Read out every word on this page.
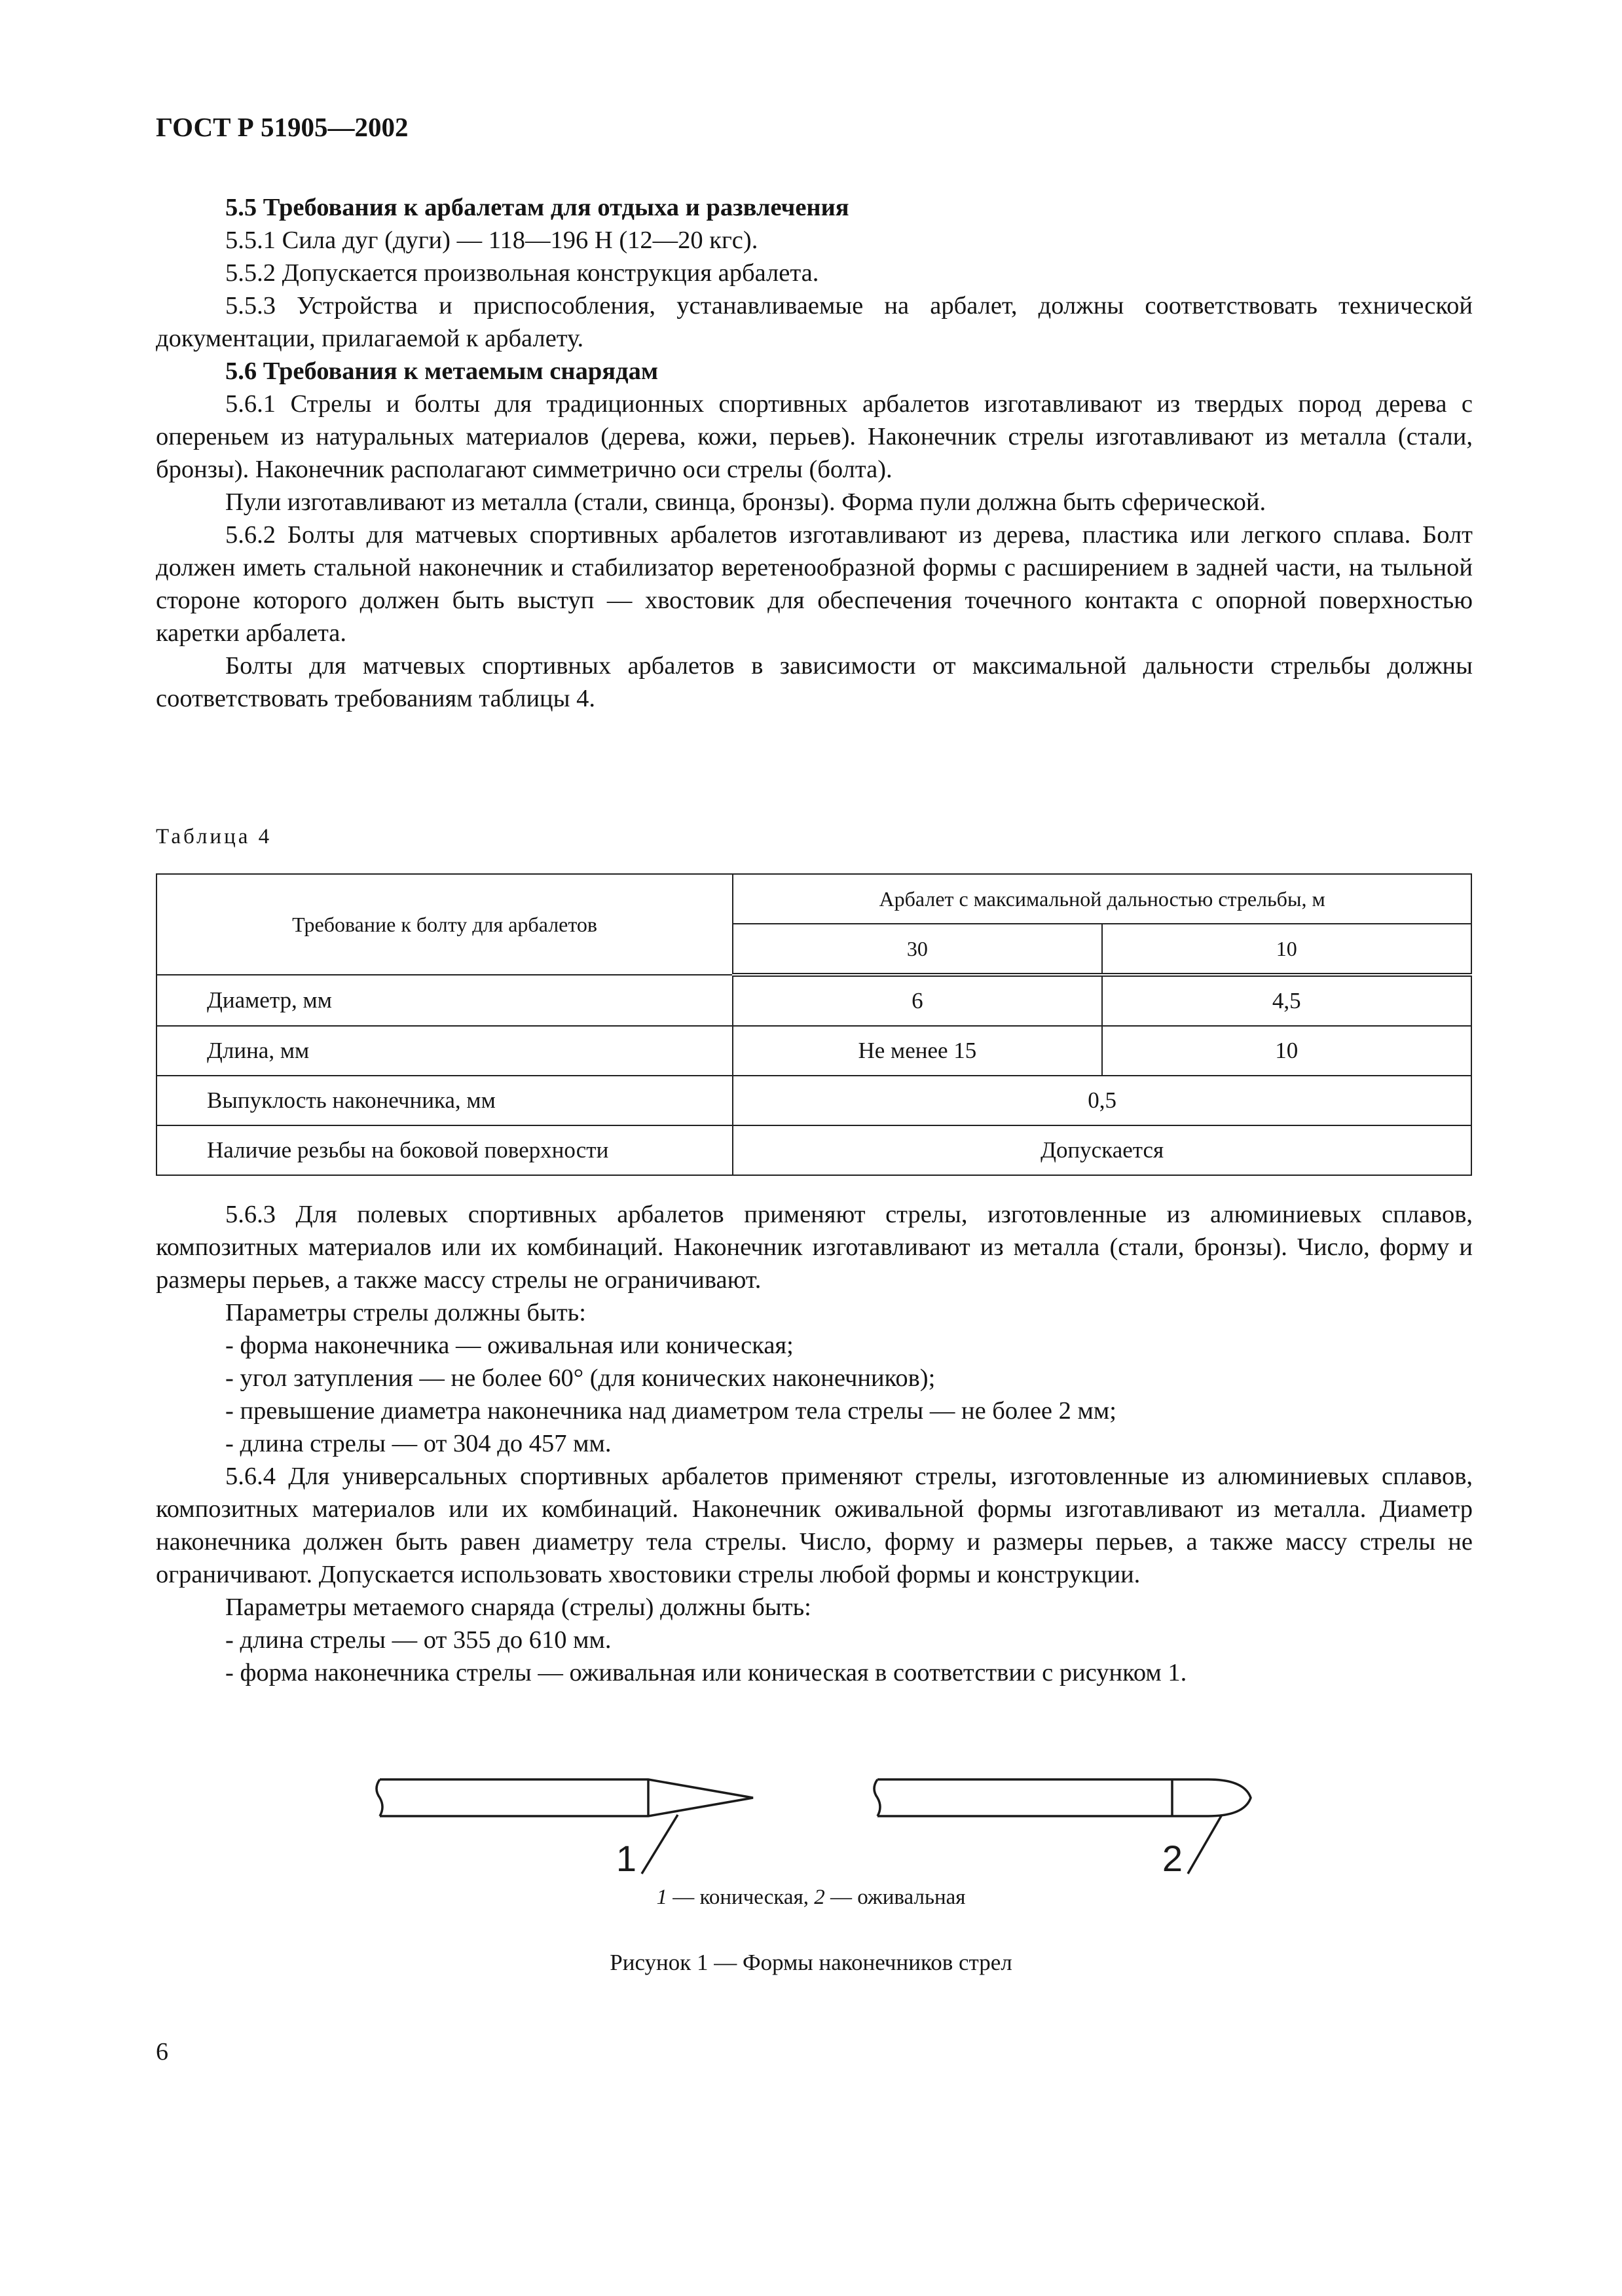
ГОСТ Р 51905—2002

5.5 Требования к арбалетам для отдыха и развлечения

5.5.1 Сила дуг (дуги) — 118—196 Н (12—20 кгс).

5.5.2 Допускается произвольная конструкция арбалета.

5.5.3 Устройства и приспособления, устанавливаемые на арбалет, должны соответствовать технической документации, прилагаемой к арбалету.

5.6 Требования к метаемым снарядам

5.6.1 Стрелы и болты для традиционных спортивных арбалетов изготавливают из твердых пород дерева с опереньем из натуральных материалов (дерева, кожи, перьев). Наконечник стрелы изготавливают из металла (стали, бронзы). Наконечник располагают симметрично оси стрелы (болта).

Пули изготавливают из металла (стали, свинца, бронзы). Форма пули должна быть сферической.

5.6.2 Болты для матчевых спортивных арбалетов изготавливают из дерева, пластика или легкого сплава. Болт должен иметь стальной наконечник и стабилизатор веретенообразной формы с расширением в задней части, на тыльной стороне которого должен быть выступ — хвостовик для обеспечения точечного контакта с опорной поверхностью каретки арбалета.

Болты для матчевых спортивных арбалетов в зависимости от максимальной дальности стрельбы должны соответствовать требованиям таблицы 4.

Таблица 4
Требование к болту для арбалетов	Арбалет с максимальной дальностью стрельбы, м	
	30	10
Диаметр, мм	6	4,5
Длина, мм	Не менее 15	10
Выпуклость наконечника, мм	0,5	
Наличие резьбы на боковой поверхности	Допускается	

5.6.3 Для полевых спортивных арбалетов применяют стрелы, изготовленные из алюминиевых сплавов, композитных материалов или их комбинаций. Наконечник изготавливают из металла (стали, бронзы). Число, форму и размеры перьев, а также массу стрелы не ограничивают.

Параметры стрелы должны быть:

- форма наконечника — оживальная или коническая;

- угол затупления — не более 60° (для конических наконечников);

- превышение диаметра наконечника над диаметром тела стрелы — не более 2 мм;

- длина стрелы — от 304 до 457 мм.

5.6.4 Для универсальных спортивных арбалетов применяют стрелы, изготовленные из алюминиевых сплавов, композитных материалов или их комбинаций. Наконечник оживальной формы изготавливают из металла. Диаметр наконечника должен быть равен диаметру тела стрелы. Число, форму и размеры перьев, а также массу стрелы не ограничивают. Допускается использовать хвостовики стрелы любой формы и конструкции.

Параметры метаемого снаряда (стрелы) должны быть:

- длина стрелы — от 355 до 610 мм.

- форма наконечника стрелы — оживальная или коническая в соответствии с рисунком 1.

1	2
1 — коническая, 2 — оживальная
Рисунок 1 — Формы наконечников стрел
6
